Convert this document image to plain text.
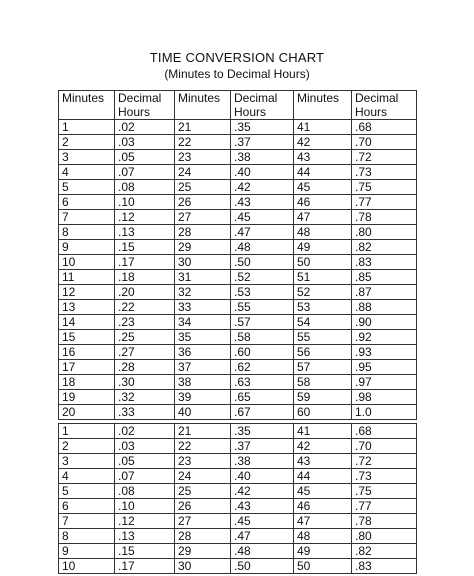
TIME CONVERSION CHART
(Minutes to Decimal Hours)
Minutes	Decimal Hours	Minutes	Decimal Hours	Minutes	Decimal Hours
1	.02	21	.35	41	.68
2	.03	22	.37	42	.70
3	.05	23	.38	43	.72
4	.07	24	.40	44	.73
5	.08	25	.42	45	.75
6	.10	26	.43	46	.77
7	.12	27	.45	47	.78
8	.13	28	.47	48	.80
9	.15	29	.48	49	.82
10	.17	30	.50	50	.83
11	.18	31	.52	51	.85
12	.20	32	.53	52	.87
13	.22	33	.55	53	.88
14	.23	34	.57	54	.90
15	.25	35	.58	55	.92
16	.27	36	.60	56	.93
17	.28	37	.62	57	.95
18	.30	38	.63	58	.97
19	.32	39	.65	59	.98
20	.33	40	.67	60	1.0
1	.02	21	.35	41	.68
2	.03	22	.37	42	.70
3	.05	23	.38	43	.72
4	.07	24	.40	44	.73
5	.08	25	.42	45	.75
6	.10	26	.43	46	.77
7	.12	27	.45	47	.78
8	.13	28	.47	48	.80
9	.15	29	.48	49	.82
10	.17	30	.50	50	.83
